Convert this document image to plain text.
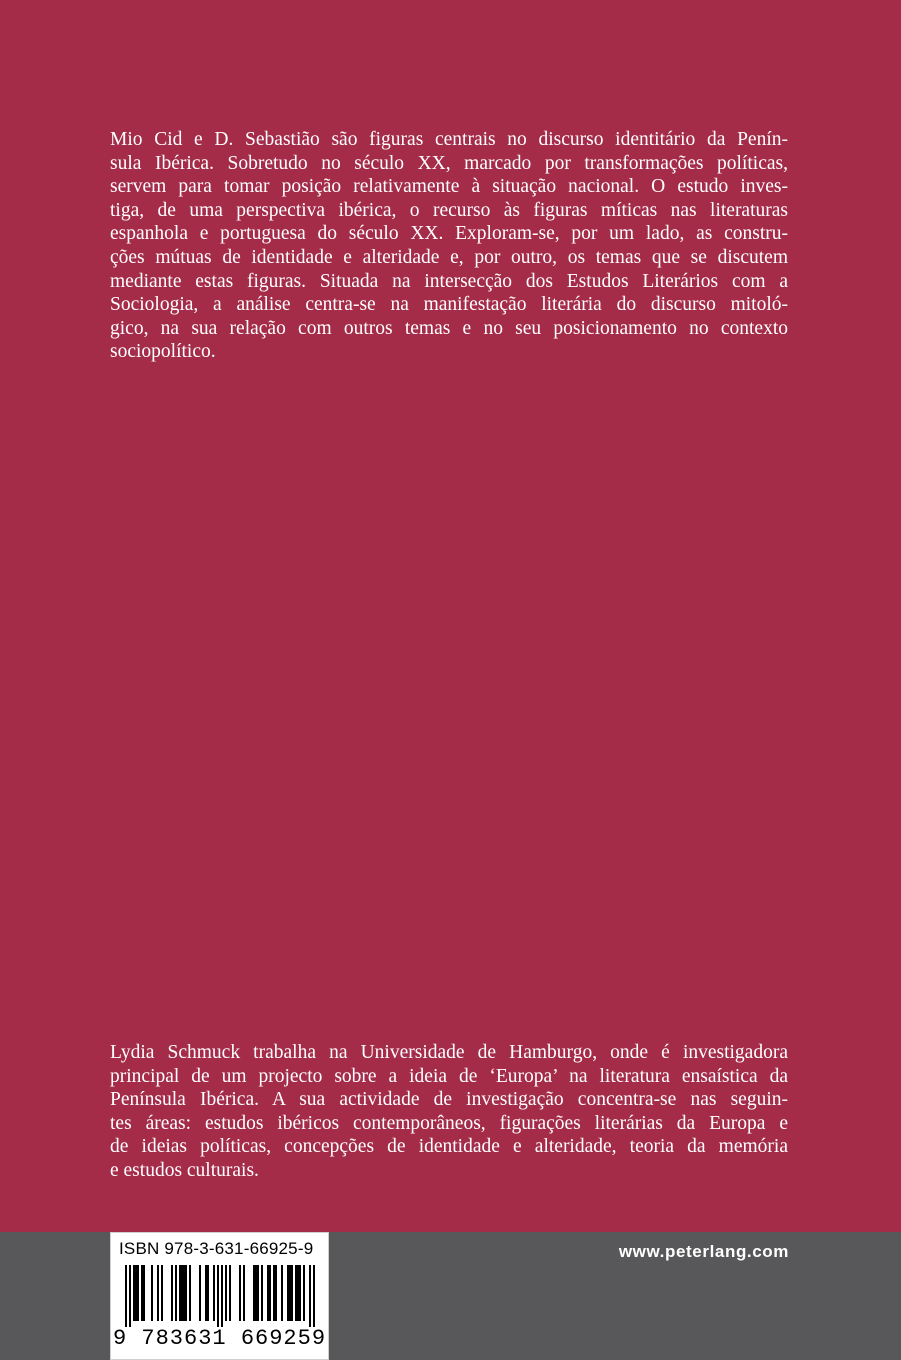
Mio Cid e D. Sebastião são figuras centrais no discurso identitário da Penín-
sula Ibérica. Sobretudo no século XX, marcado por transformações políticas,
servem para tomar posição relativamente à situação nacional. O estudo inves-
tiga, de uma perspectiva ibérica, o recurso às figuras míticas nas literaturas
espanhola e portuguesa do século XX. Exploram-se, por um lado, as constru-
ções mútuas de identidade e alteridade e, por outro, os temas que se discutem
mediante estas figuras. Situada na intersecção dos Estudos Literários com a
Sociologia, a análise centra-se na manifestação literária do discurso mitoló-
gico, na sua relação com outros temas e no seu posicionamento no contexto
sociopolítico.
Lydia Schmuck trabalha na Universidade de Hamburgo, onde é investigadora
principal de um projecto sobre a ideia de ‘Europa’ na literatura ensaística da
Península Ibérica. A sua actividade de investigação concentra-se nas seguin-
tes áreas: estudos ibéricos contemporâneos, figurações literárias da Europa e
de ideias políticas, concepções de identidade e alteridade, teoria da memória
e estudos culturais.
www.peterlang.com
ISBN 978-3-631-66925-9
9 783631 669259
